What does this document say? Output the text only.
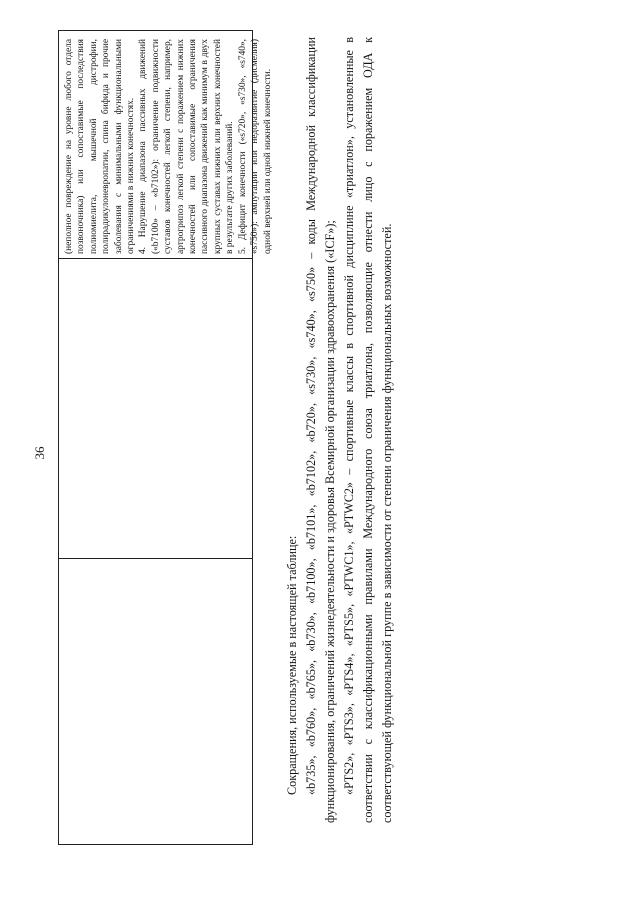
36

(неполное повреждение на уровне любого отдела позвоночника) или сопоставимые последствия полиомиелита, мышечной дистрофии, полирадикулоневропатии, спина бифида и прочие заболевания с минимальными функциональными ограничениями в нижних конечностях. 4. Нарушение диапазона пассивных движений («b7100» – «b7102»): ограничение подвижности суставов конечностей легкой степени, например, артрогрипоз легкой степени с поражением нижних конечностей или сопоставимые ограничения пассивного диапазона движений как минимум в двух крупных суставах нижних или верхних конечностей в результате других заболеваний. 5. Дефицит конечности («s720», «s730», «s740», «s750»): ампутации или недоразвитие (дисмелия) одной верхней или одной нижней конечности.

Сокращения, используемые в настоящей таблице: «b735», «b760», «b765», «b730», «b7100», «b7101», «b7102», «b720», «s730», «s740», «s750» – коды Международной классификации функционирования, ограничений жизнедеятельности и здоровья Всемирной организации здравоохранения («ICF»); «PTS2», «PTS3», «PTS4», «PTS5», «PTWC1», «PTWC2» – спортивные классы в спортивной дисциплине «триатлон», установленные в соответствии с классификационными правилами Международного союза триатлона, позволяющие отнести лицо с поражением ОДА к соответствующей функциональной группе в зависимости от степени ограничения функциональных возможностей.
